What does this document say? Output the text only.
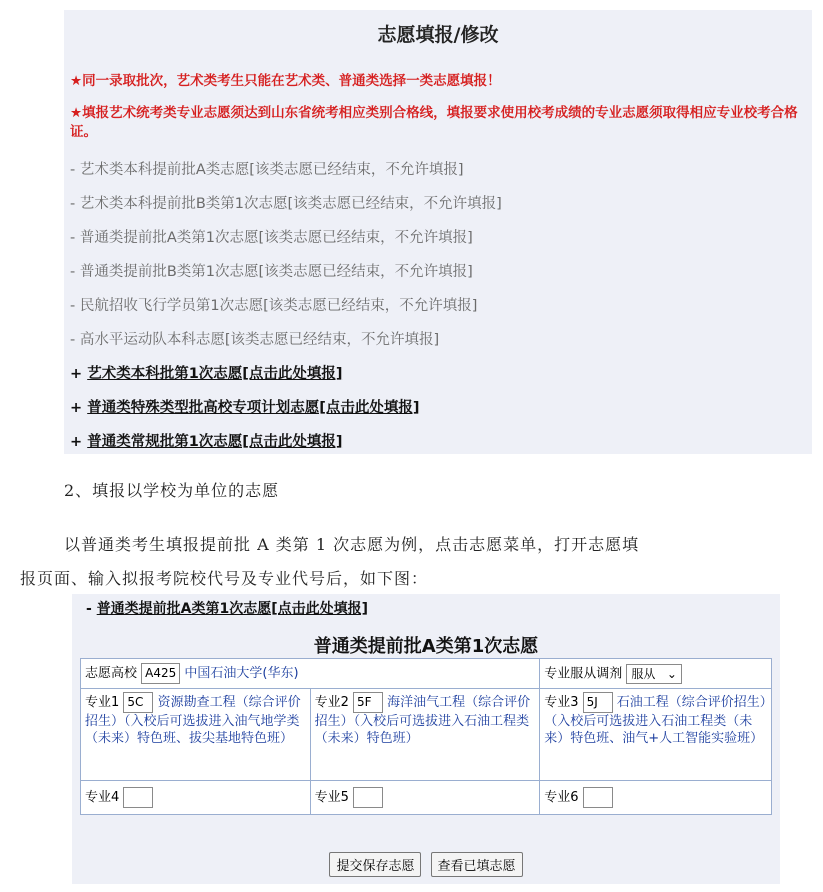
志愿填报/修改
★同一录取批次，艺术类考生只能在艺术类、普通类选择一类志愿填报！
★填报艺术统考类专业志愿须达到山东省统考相应类别合格线，填报要求使用校考成绩的专业志愿须取得相应专业校考合格证。
- 艺术类本科提前批A类志愿[该类志愿已经结束，不允许填报]
- 艺术类本科提前批B类第1次志愿[该类志愿已经结束，不允许填报]
- 普通类提前批A类第1次志愿[该类志愿已经结束，不允许填报]
- 普通类提前批B类第1次志愿[该类志愿已经结束，不允许填报]
- 民航招收飞行学员第1次志愿[该类志愿已经结束，不允许填报]
- 高水平运动队本科志愿[该类志愿已经结束，不允许填报]
+ 艺术类本科批第1次志愿[点击此处填报]
+ 普通类特殊类型批高校专项计划志愿[点击此处填报]
+ 普通类常规批第1次志愿[点击此处填报]
2、填报以学校为单位的志愿
以普通类考生填报提前批 A 类第 1 次志愿为例，点击志愿菜单，打开志愿填
报页面、输入拟报考院校代号及专业代号后，如下图：
- 普通类提前批A类第1次志愿[点击此处填报]
普通类提前批A类第1次志愿
志愿高校 A425 中国石油大学(华东)		专业服从调剂 服从 ⌄
专业1 5C 资源勘查工程（综合评价招生）（入校后可选拔进入油气地学类（未来）特色班、拔尖基地特色班）	专业2 5F 海洋油气工程（综合评价招生）（入校后可选拔进入石油工程类（未来）特色班）	专业3 5J 石油工程（综合评价招生）（入校后可选拔进入石油工程类（未来）特色班、油气+人工智能实验班）
专业4	专业5	专业6
提交保存志愿 查看已填志愿
